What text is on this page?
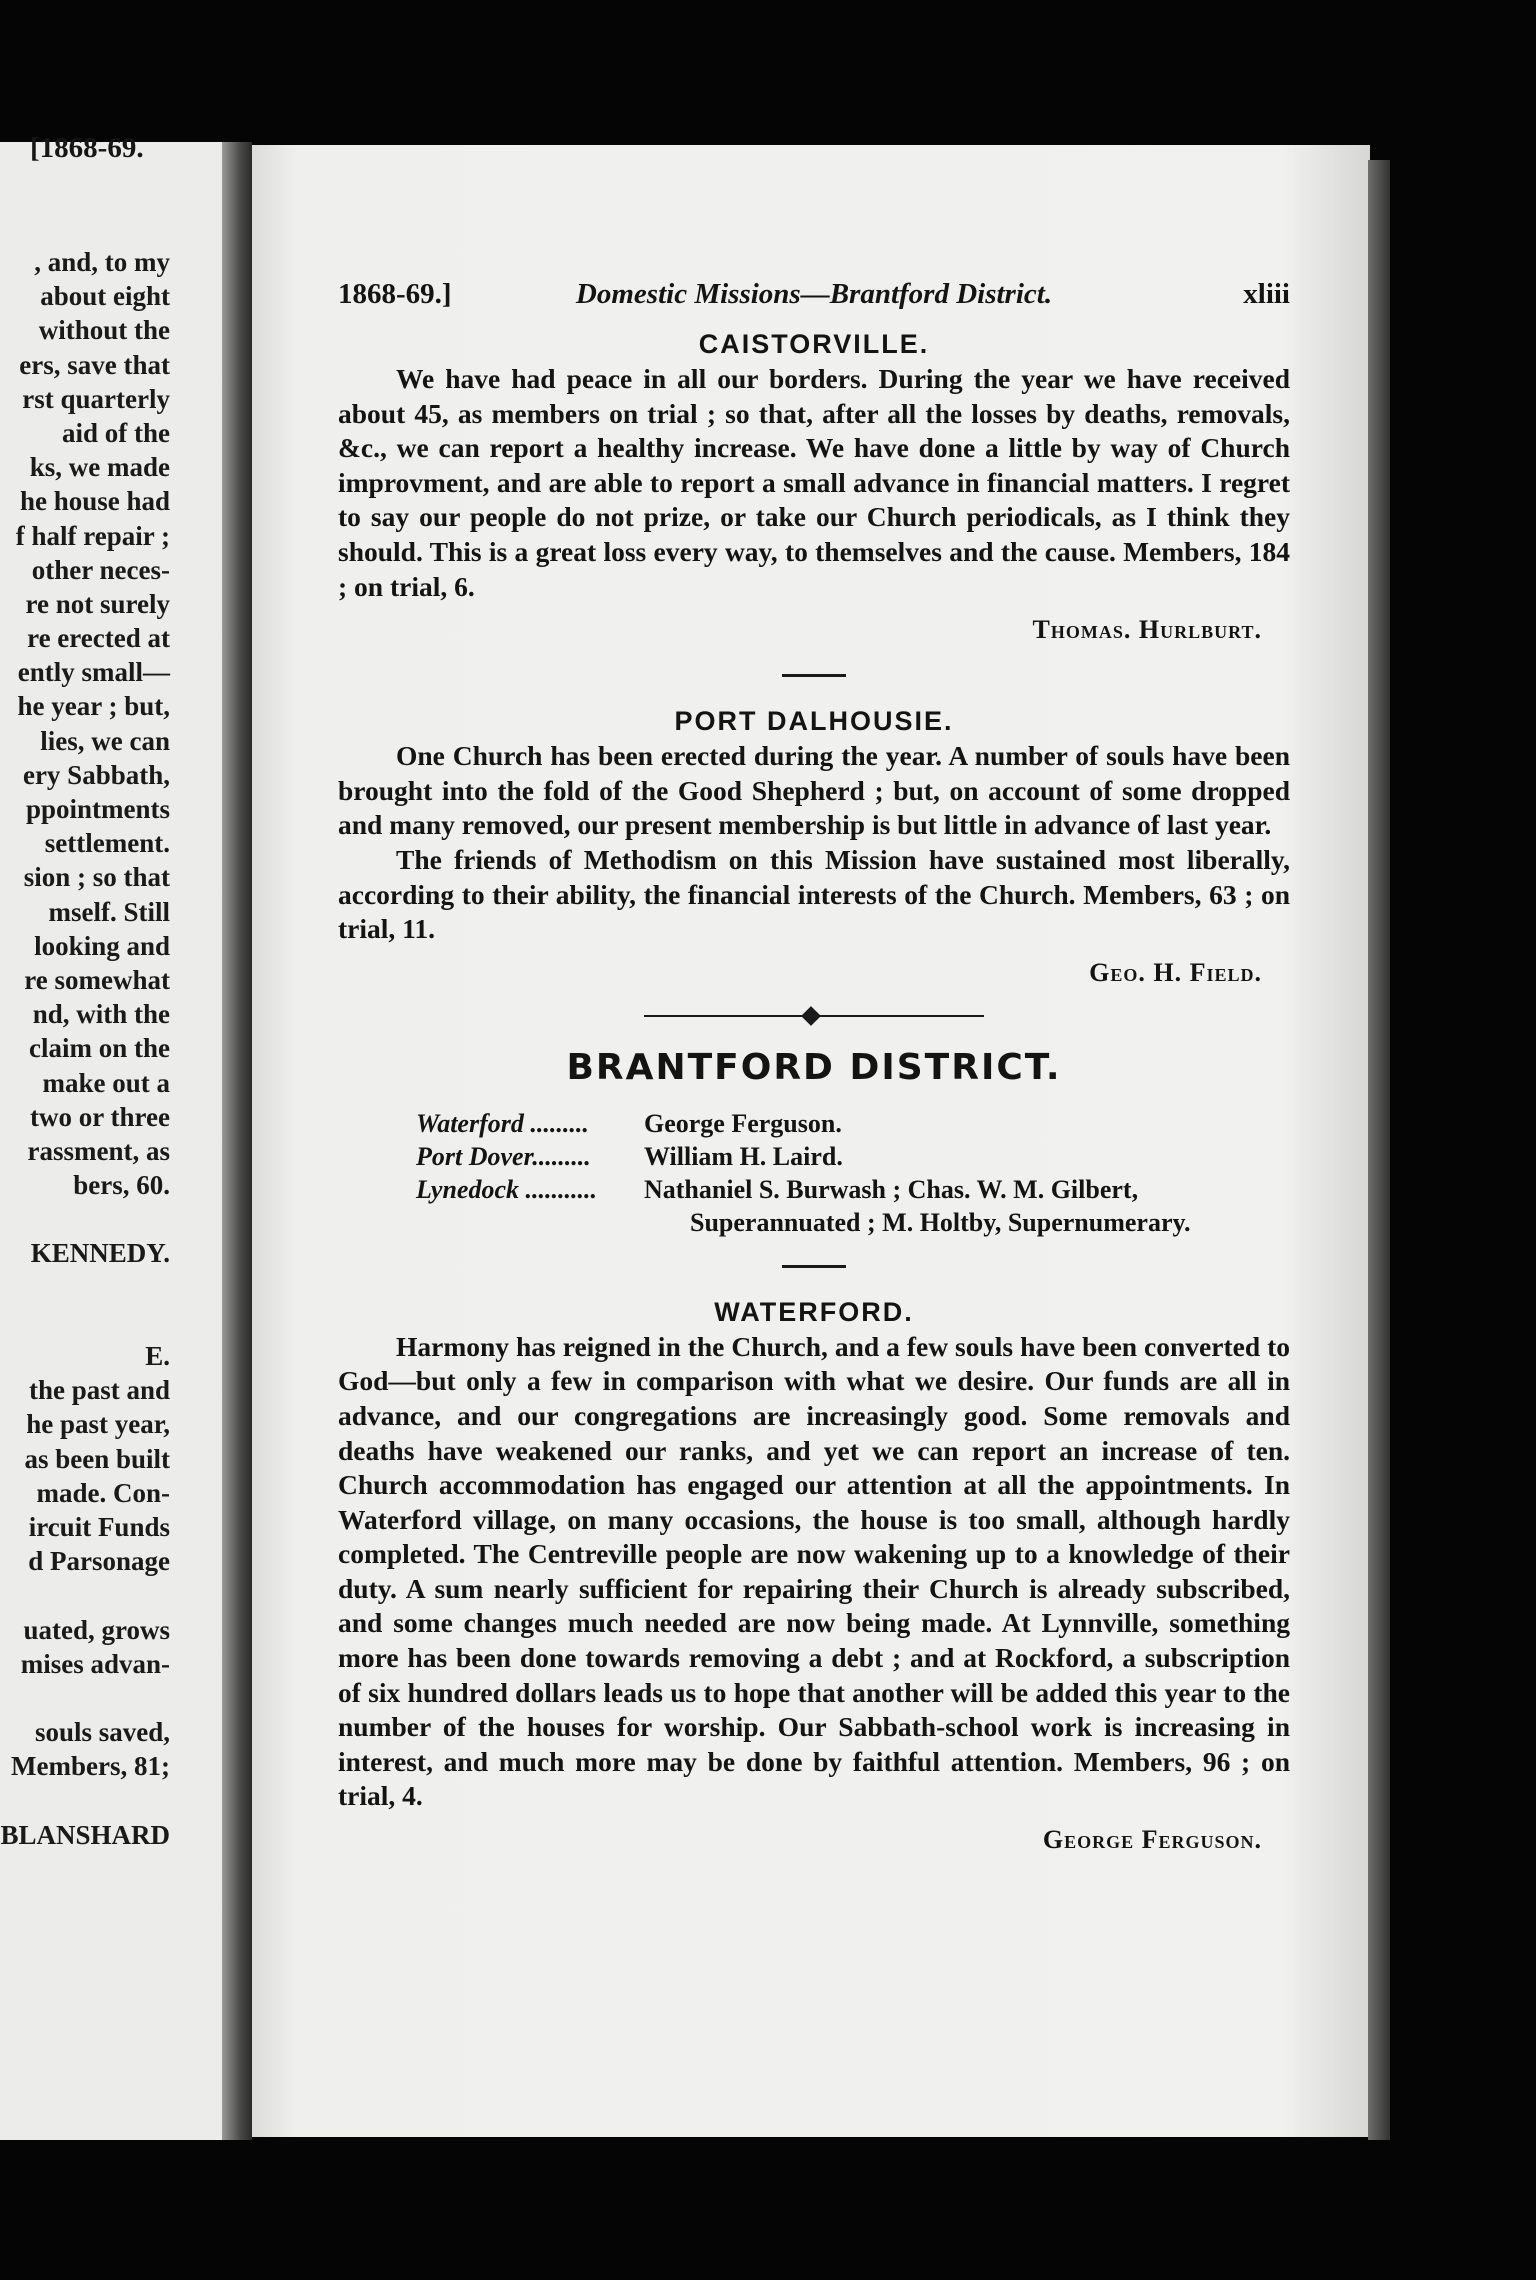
[1868-69.
, and, to my
about eight
without the
ers, save that
rst quarterly
aid of the
ks, we made
he house had
f half repair ;
other neces-
re not surely
re erected at
ently small—
he year ; but,
lies, we can
ery Sabbath,
ppointments
settlement.
sion ; so that
mself. Still
looking and
re somewhat
nd, with the
claim on the
make out a
two or three
rassment, as
bers, 60.
KENNEDY.
E.
the past and
he past year,
as been built
made. Con-
ircuit Funds
d Parsonage
uated, grows
mises advan-
souls saved,
Members, 81;
BLANSHARD
1868-69.]	Domestic Missions—Brantford District.	xliii
CAISTORVILLE.

We have had peace in all our borders. During the year we have received about 45, as members on trial ; so that, after all the losses by deaths, removals, &c., we can report a healthy increase. We have done a little by way of Church improvment, and are able to report a small advance in financial matters. I regret to say our people do not prize, or take our Church periodicals, as I think they should. This is a great loss every way, to themselves and the cause. Members, 184 ; on trial, 6.

Thomas. Hurlburt.
PORT DALHOUSIE.

One Church has been erected during the year. A number of souls have been brought into the fold of the Good Shepherd ; but, on account of some dropped and many removed, our present membership is but little in advance of last year.

The friends of Methodism on this Mission have sustained most liberally, according to their ability, the financial interests of the Church. Members, 63 ; on trial, 11.

Geo. H. Field.
BRANTFORD DISTRICT.
Waterford ......... George Ferguson.
Port Dover......... William H. Laird.
Lynedock ........... Nathaniel S. Burwash ; Chas. W. M. Gilbert,
Superannuated ; M. Holtby, Supernumerary.
WATERFORD.

Harmony has reigned in the Church, and a few souls have been converted to God—but only a few in comparison with what we desire. Our funds are all in advance, and our congregations are increasingly good. Some removals and deaths have weakened our ranks, and yet we can report an increase of ten. Church accommodation has engaged our attention at all the appointments. In Waterford village, on many occasions, the house is too small, although hardly completed. The Centreville people are now wakening up to a knowledge of their duty. A sum nearly sufficient for repairing their Church is already subscribed, and some changes much needed are now being made. At Lynnville, something more has been done towards removing a debt ; and at Rockford, a subscription of six hundred dollars leads us to hope that another will be added this year to the number of the houses for worship. Our Sabbath-school work is increasing in interest, and much more may be done by faithful attention. Members, 96 ; on trial, 4.

George Ferguson.
